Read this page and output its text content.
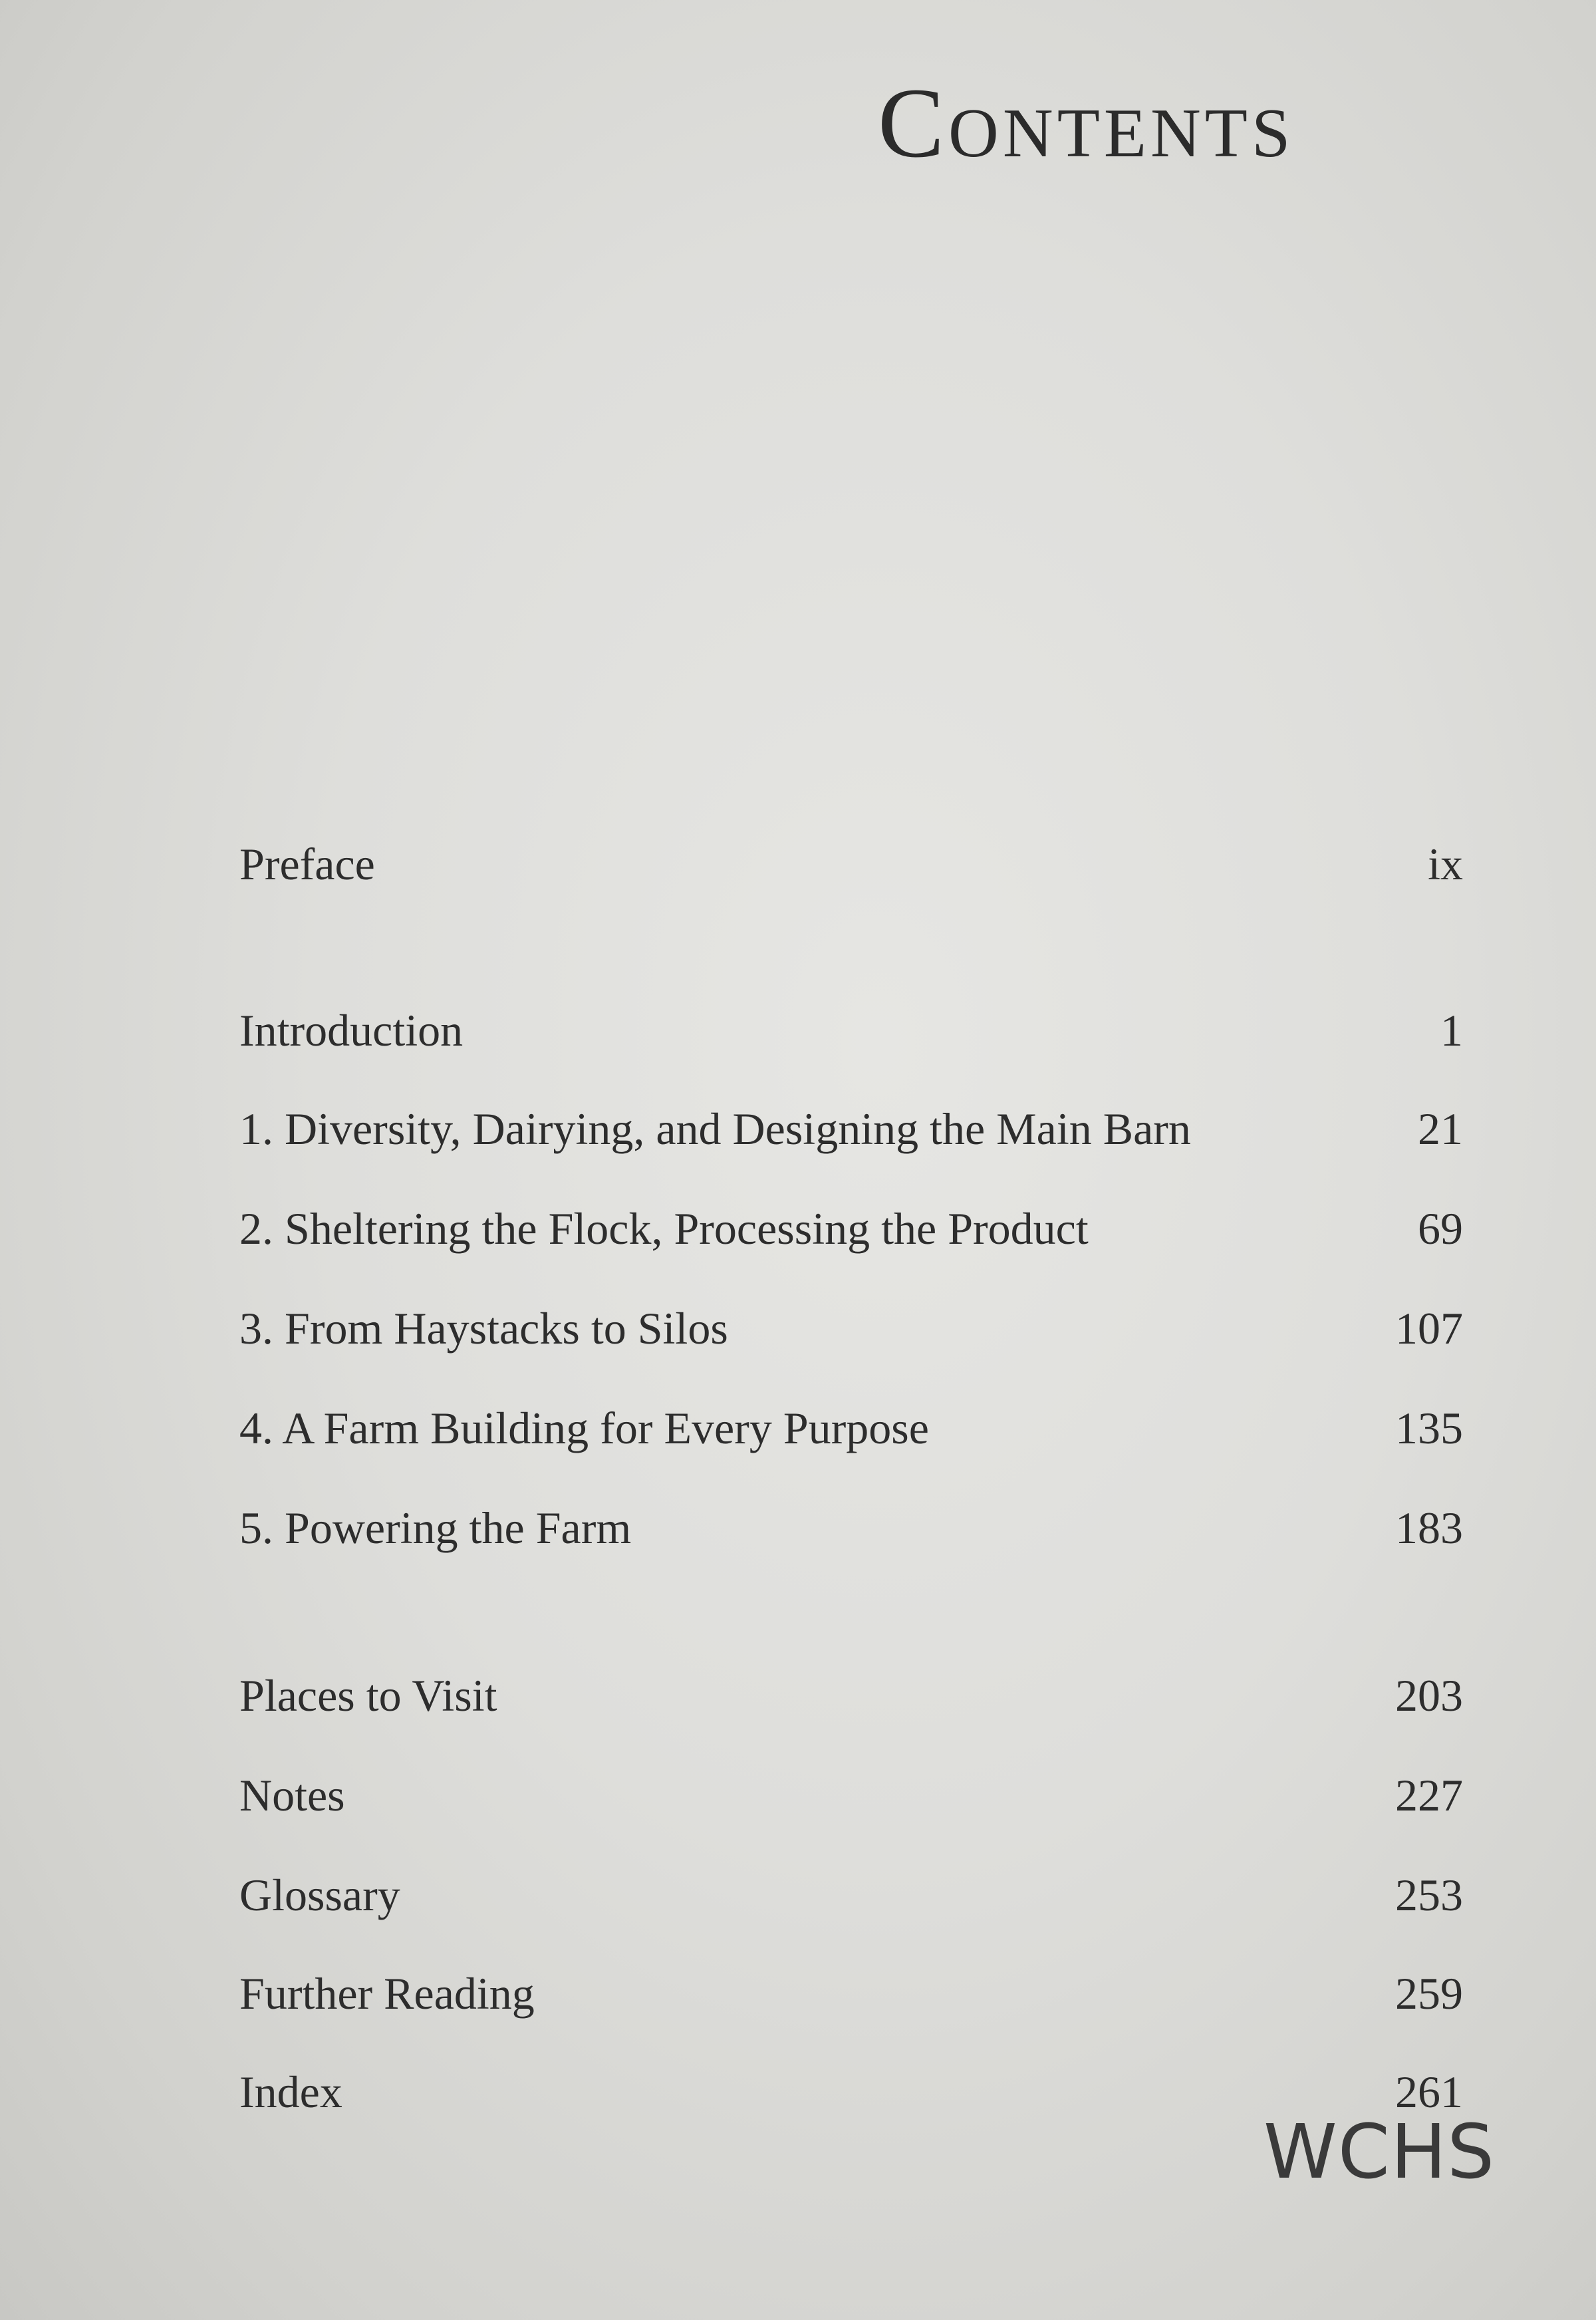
Contents
Preface	ix
Introduction	1
1. Diversity, Dairying, and Designing the Main Barn	21
2. Sheltering the Flock, Processing the Product	69
3. From Haystacks to Silos	107
4. A Farm Building for Every Purpose	135
5. Powering the Farm	183
Places to Visit	203
Notes	227
Glossary	253
Further Reading	259
Index	261
WCHS
